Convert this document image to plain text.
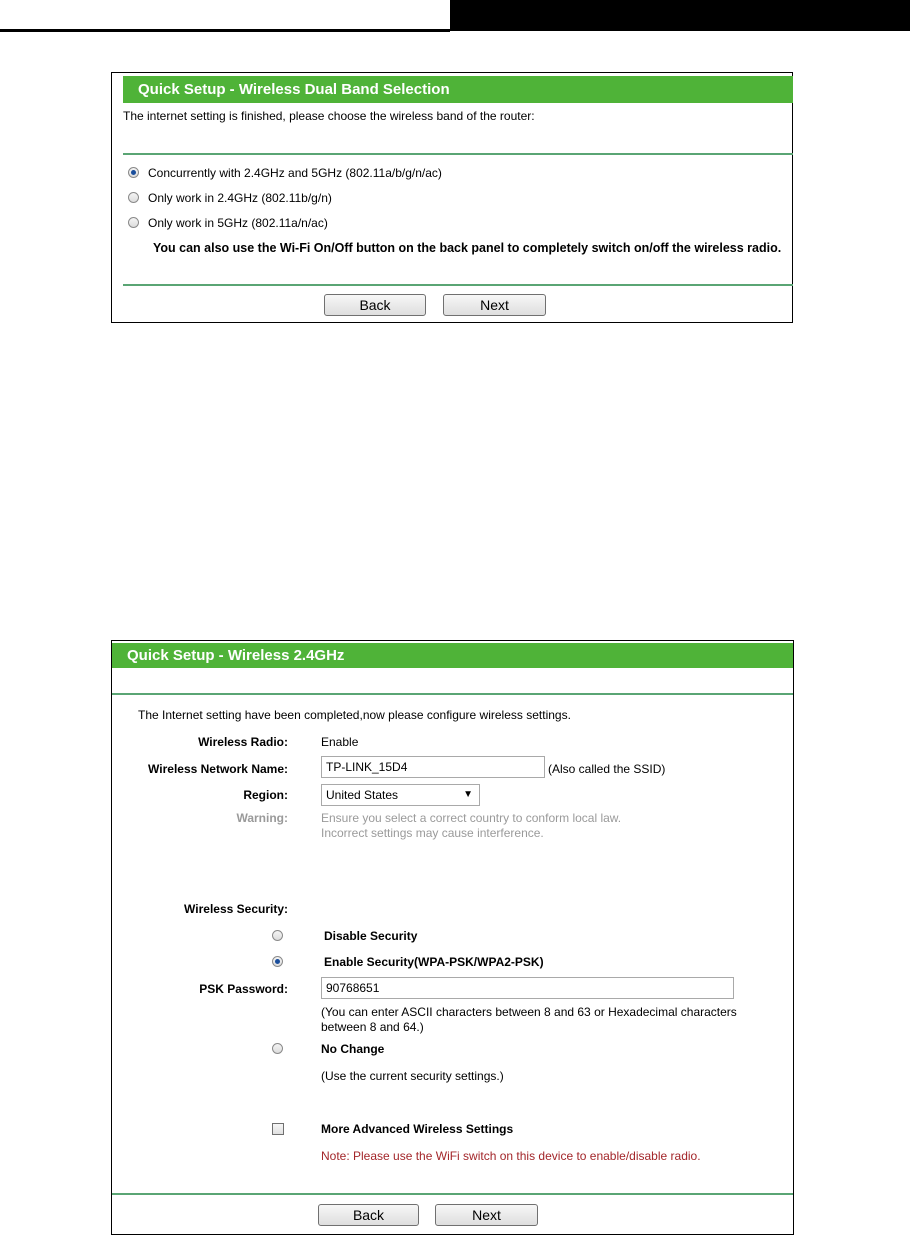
Quick Setup - Wireless Dual Band Selection
The internet setting is finished, please choose the wireless band of the router:
Concurrently with 2.4GHz and 5GHz (802.11a/b/g/n/ac)
Only work in 2.4GHz (802.11b/g/n)
Only work in 5GHz (802.11a/n/ac)
You can also use the Wi-Fi On/Off button on the back panel to completely switch on/off the wireless radio.
Back	Next
Quick Setup - Wireless 2.4GHz
The Internet setting have been completed,now please configure wireless settings.
Wireless Radio:	Enable
Wireless Network Name:	TP-LINK_15D4	(Also called the SSID)
Region:	United States	▼
Warning:	Ensure you select a correct country to conform local law.
Incorrect settings may cause interference.
Wireless Security:
Disable Security
Enable Security(WPA-PSK/WPA2-PSK)
PSK Password:	90768651
(You can enter ASCII characters between 8 and 63 or Hexadecimal characters
between 8 and 64.)
No Change
(Use the current security settings.)
More Advanced Wireless Settings
Note: Please use the WiFi switch on this device to enable/disable radio.
Back	Next
